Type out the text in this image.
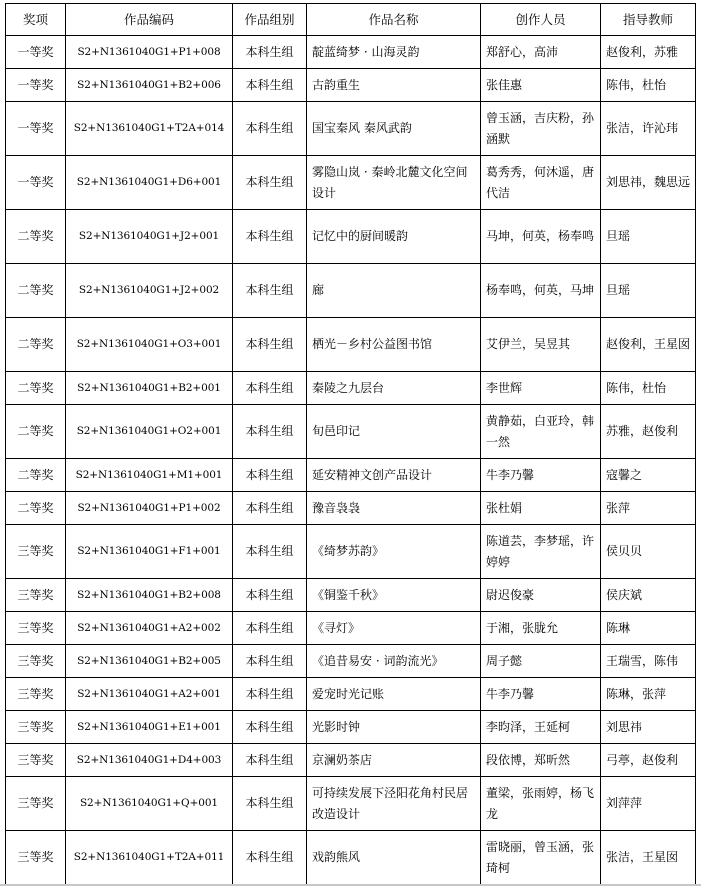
奖项	作品编码	作品组别	作品名称	创作人员	指导教师
一等奖	S2+N1361040G1+P1+008	本科生组	靛蓝绮梦 · 山海灵韵	郑舒心，高沛	赵俊利，苏雅
一等奖	S2+N1361040G1+B2+006	本科生组	古韵重生	张佳惠	陈伟，杜怡
一等奖	S2+N1361040G1+T2A+014	本科生组	国宝秦风 秦风武韵	曾玉涵，吉庆粉，孙涵默	张洁，许沁玮
一等奖	S2+N1361040G1+D6+001	本科生组	雾隐山岚 · 秦岭北麓文化空间设计	葛秀秀，何沐遥，唐代洁	刘思祎，魏思远
二等奖	S2+N1361040G1+J2+001	本科生组	记忆中的厨间暖韵	马坤，何英，杨奉鸣	旦瑶
二等奖	S2+N1361040G1+J2+002	本科生组	廊	杨奉鸣，何英，马坤	旦瑶
二等奖	S2+N1361040G1+O3+001	本科生组	栖光－乡村公益图书馆	艾伊兰，吴昱其	赵俊利，王星囡
二等奖	S2+N1361040G1+B2+001	本科生组	秦陵之九层台	李世辉	陈伟，杜怡
二等奖	S2+N1361040G1+O2+001	本科生组	旬邑印记	黄静茹，白亚玲，韩一然	苏雅，赵俊利
二等奖	S2+N1361040G1+M1+001	本科生组	延安精神文创产品设计	牛李乃馨	寇馨之
二等奖	S2+N1361040G1+P1+002	本科生组	豫音袅袅	张杜娟	张萍
三等奖	S2+N1361040G1+F1+001	本科生组	《绮梦苏韵》	陈道芸，李梦瑶，许婷婷	侯贝贝
三等奖	S2+N1361040G1+B2+008	本科生组	《铜鉴千秋》	尉迟俊豪	侯庆斌
三等奖	S2+N1361040G1+A2+002	本科生组	《寻灯》	于湘，张胧允	陈琳
三等奖	S2+N1361040G1+B2+005	本科生组	《追昔易安 · 词韵流光》	周子懿	王瑞雪，陈伟
三等奖	S2+N1361040G1+A2+001	本科生组	爱宠时光记账	牛李乃馨	陈琳，张萍
三等奖	S2+N1361040G1+E1+001	本科生组	光影时钟	李昀泽，王延柯	刘思祎
三等奖	S2+N1361040G1+D4+003	本科生组	京澜奶茶店	段依博，郑昕然	弓葶，赵俊利
三等奖	S2+N1361040G1+Q+001	本科生组	可持续发展下泾阳花角村民居改造设计	董梁，张雨婷，杨飞龙	刘萍萍
三等奖	S2+N1361040G1+T2A+011	本科生组	戏韵熊风	雷晓丽，曾玉涵，张琦柯	张洁，王星囡
